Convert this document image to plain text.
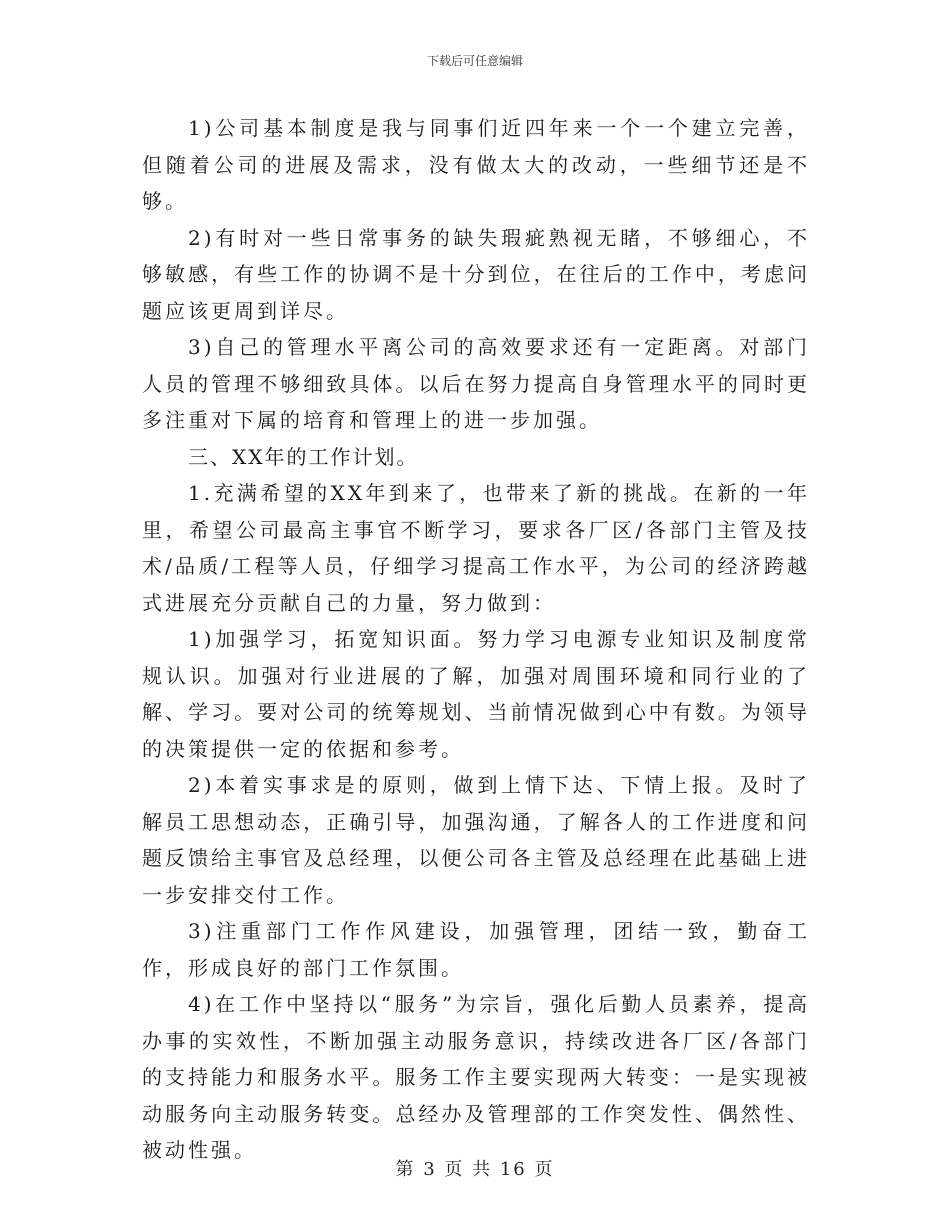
下载后可任意编辑

1)公司基本制度是我与同事们近四年来一个一个建立完善，但随着公司的进展及需求，没有做太大的改动，一些细节还是不够。

2)有时对一些日常事务的缺失瑕疵熟视无睹，不够细心，不够敏感，有些工作的协调不是十分到位，在往后的工作中，考虑问题应该更周到详尽。

3)自己的管理水平离公司的高效要求还有一定距离。对部门人员的管理不够细致具体。以后在努力提高自身管理水平的同时更多注重对下属的培育和管理上的进一步加强。

三、XX年的工作计划。

1.充满希望的XX年到来了，也带来了新的挑战。在新的一年里，希望公司最高主事官不断学习，要求各厂区/各部门主管及技术/品质/工程等人员，仔细学习提高工作水平，为公司的经济跨越式进展充分贡献自己的力量，努力做到：

1)加强学习，拓宽知识面。努力学习电源专业知识及制度常规认识。加强对行业进展的了解，加强对周围环境和同行业的了解、学习。要对公司的统筹规划、当前情况做到心中有数。为领导的决策提供一定的依据和参考。

2)本着实事求是的原则，做到上情下达、下情上报。及时了解员工思想动态，正确引导，加强沟通，了解各人的工作进度和问题反馈给主事官及总经理，以便公司各主管及总经理在此基础上进一步安排交付工作。

3)注重部门工作作风建设，加强管理，团结一致，勤奋工作，形成良好的部门工作氛围。

4)在工作中坚持以“服务”为宗旨，强化后勤人员素养，提高办事的实效性，不断加强主动服务意识，持续改进各厂区/各部门的支持能力和服务水平。服务工作主要实现两大转变：一是实现被动服务向主动服务转变。总经办及管理部的工作突发性、偶然性、被动性强。

第 3 页 共 16 页
